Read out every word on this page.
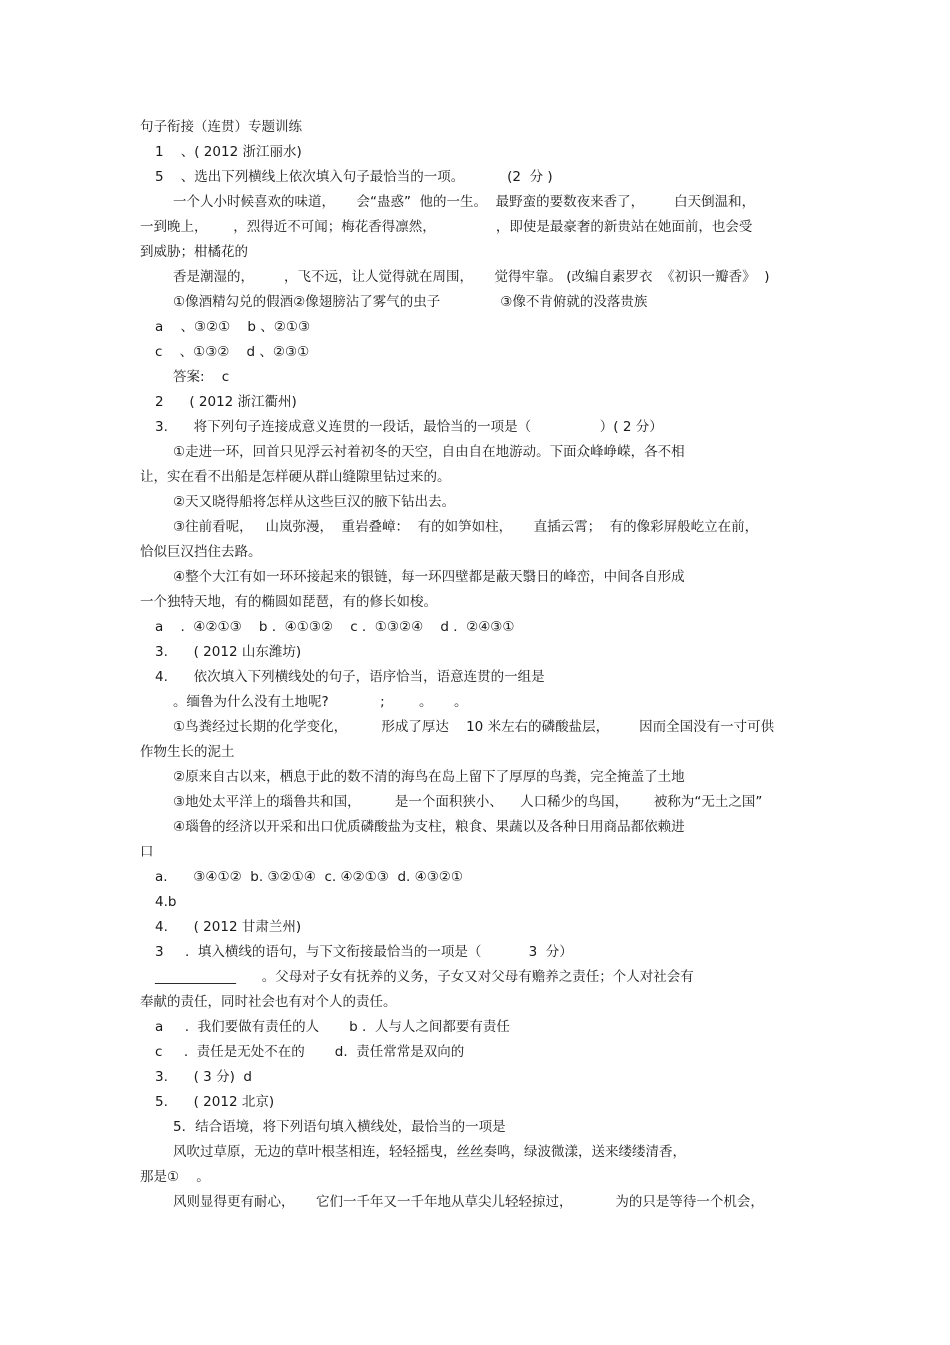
句子衔接（连贯）专题训练
1    、( 2012 浙江丽水)
5    、选出下列横线上依次填入句子最恰当的一项。          (2  分 )
一个人小时候喜欢的味道，     会“蛊惑”  他的一生。  最野蛮的要数夜来香了，       白天倒温和，
一到晚上，      ，烈得近不可闻；梅花香得凛然，              ，即使是最豪奢的新贵站在她面前，也会受
到威胁；柑橘花的
香是潮湿的，       ，飞不远，让人觉得就在周围，     觉得牢靠。 (改编自素罗衣  《初识一瓣香》  )
①像酒精勾兑的假酒②像翅膀沾了雾气的虫子              ③像不肯俯就的没落贵族
a    、③②①    b 、②①③
c    、①③②    d 、②③①
答案:    c
2      ( 2012 浙江衢州)
3.      将下列句子连接成意义连贯的一段话，最恰当的一项是（                ）( 2 分）
①走进一环，回首只见浮云衬着初冬的天空，自由自在地游动。下面众峰峥嵘，各不相
让，实在看不出船是怎样硬从群山缝隙里钻过来的。
②天又晓得船将怎样从这些巨汉的腋下钻出去。
③往前看呢，   山岚弥漫，  重岩叠嶂：  有的如笋如柱，     直插云霄；  有的像彩屏般屹立在前，
恰似巨汉挡住去路。
④整个大江有如一环环接起来的银链，每一环四壁都是蔽天翳日的峰峦，中间各自形成
一个独特天地，有的椭圆如琵琶，有的修长如梭。
a    .  ④②①③    b .  ④①③②    c .  ①③②④    d .  ②④③①
3.      ( 2012 山东潍坊)
4.      依次填入下列横线处的句子，语序恰当，语意连贯的一组是
。缅鲁为什么没有土地呢?            ;        。     。
①鸟粪经过长期的化学变化，        形成了厚达    10 米左右的磷酸盐层，       因而全国没有一寸可供
作物生长的泥土
②原来自古以来，栖息于此的数不清的海鸟在岛上留下了厚厚的鸟粪，完全掩盖了土地
③地处太平洋上的瑙鲁共和国，        是一个面积狭小、    人口稀少的鸟国，      被称为“无土之国”
④瑙鲁的经济以开采和出口优质磷酸盐为支柱，粮食、果蔬以及各种日用商品都依赖进
口
a.      ③④①②  b. ③②①④  c. ④②①③  d. ④③②①
4.b
4.      ( 2012 甘肃兰州)
3     .  填入横线的语句，与下文衔接最恰当的一项是（           3  分）
____________      。父母对子女有抚养的义务，子女又对父母有赡养之责任；个人对社会有
奉献的责任，同时社会也有对个人的责任。
a     .  我们要做有责任的人       b .  人与人之间都要有责任
c     .  责任是无处不在的       d.  责任常常是双向的
3.      ( 3 分)  d
5.      ( 2012 北京)
5．结合语境，将下列语句填入横线处，最恰当的一项是
风吹过草原，无边的草叶根茎相连，轻轻摇曳，丝丝奏鸣，绿波微漾，送来缕缕清香，
那是①    。
风则显得更有耐心，     它们一千年又一千年地从草尖儿轻轻掠过，          为的只是等待一个机会，
